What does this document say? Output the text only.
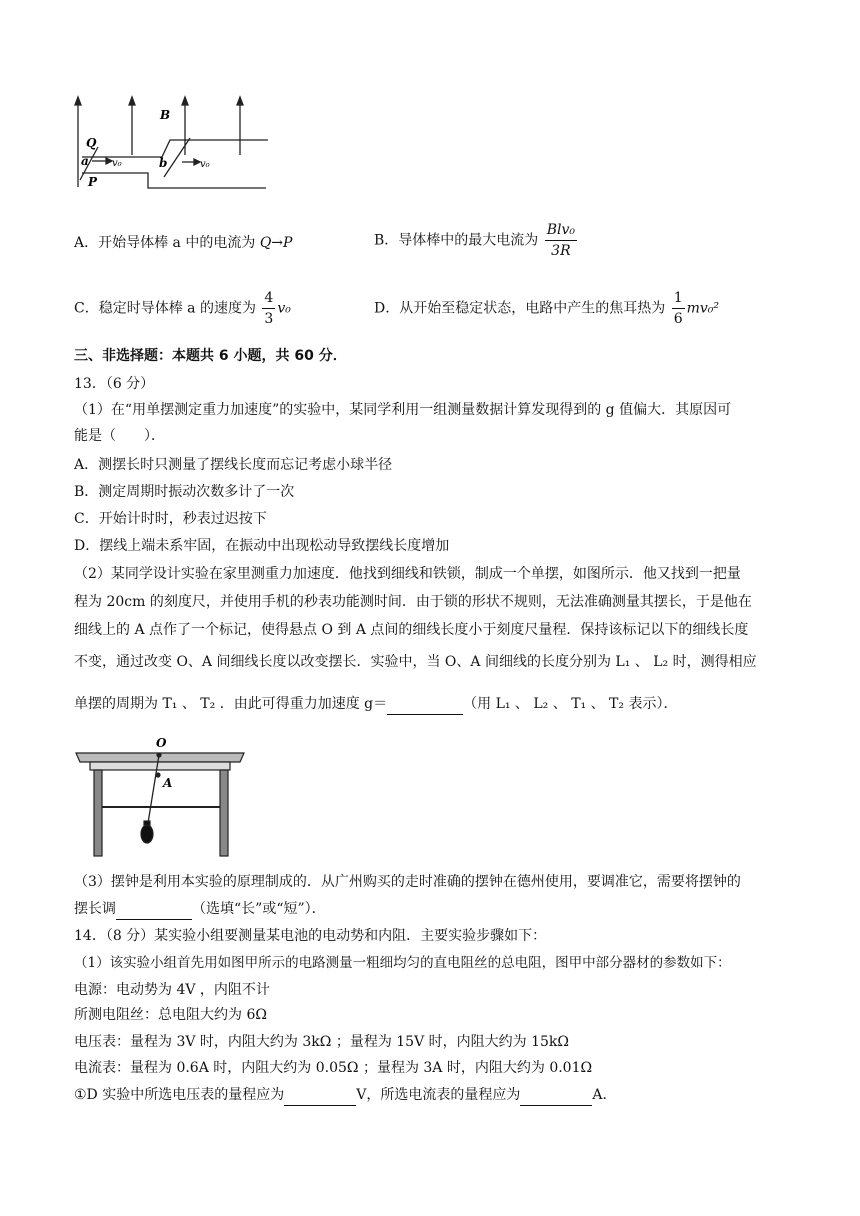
B
Q
a v₀
P
b	v₀
A．开始导体棒 a 中的电流为 Q→P	B．导体棒中的最大电流为 $\frac{\text{Blv₀}}{3R}$
C．稳定时导体棒 a 的速度为 $\frac{4}{3} v_0$	D．从开始至稳定状态，电路中产生的焦耳热为 $\frac{1}{6} mv_0^2$
三、非选择题：本题共 6 小题，共 60 分．
13．（6 分）
（1）在“用单摆测定重力加速度”的实验中，某同学利用一组测量数据计算发现得到的 g 值偏大．其原因可
能是（　　）．
A．测摆长时只测量了摆线长度而忘记考虑小球半径
B．测定周期时振动次数多计了一次
C．开始计时时，秒表过迟按下
D．摆线上端未系牢固，在振动中出现松动导致摆线长度增加
（2）某同学设计实验在家里测重力加速度．他找到细线和铁锁，制成一个单摆，如图所示．他又找到一把量
程为 20cm 的刻度尺，并使用手机的秒表功能测时间．由于锁的形状不规则，无法准确测量其摆长，于是他在
细线上的 A 点作了一个标记，使得悬点 O 到 A 点间的细线长度小于刻度尺量程．保持该标记以下的细线长度
不变，通过改变 O、A 间细线长度以改变摆长．实验中，当 O、A 间细线的长度分别为 L₁ 、 L₂ 时，测得相应
单摆的周期为 T₁ 、 T₂ ．由此可得重力加速度 g＝	（用 L₁ 、 L₂ 、 T₁ 、 T₂ 表示）．
O
A
（3）摆钟是利用本实验的原理制成的．从广州购买的走时准确的摆钟在德州使用，要调准它，需要将摆钟的
摆长调	（选填“长”或“短”）．
14．（8 分）某实验小组要测量某电池的电动势和内阻．主要实验步骤如下：
（1）该实验小组首先用如图甲所示的电路测量一粗细均匀的直电阻丝的总电阻，图甲中部分器材的参数如下：
电源：电动势为 4V ，内阻不计
所测电阻丝：总电阻大约为 6Ω
电压表：量程为 3V 时，内阻大约为 3kΩ ；量程为 15V 时，内阻大约为 15kΩ
电流表：量程为 0.6A 时，内阻大约为 0.05Ω ；量程为 3A 时，内阻大约为 0.01Ω
①D 实验中所选电压表的量程应为	V，所选电流表的量程应为	A．
